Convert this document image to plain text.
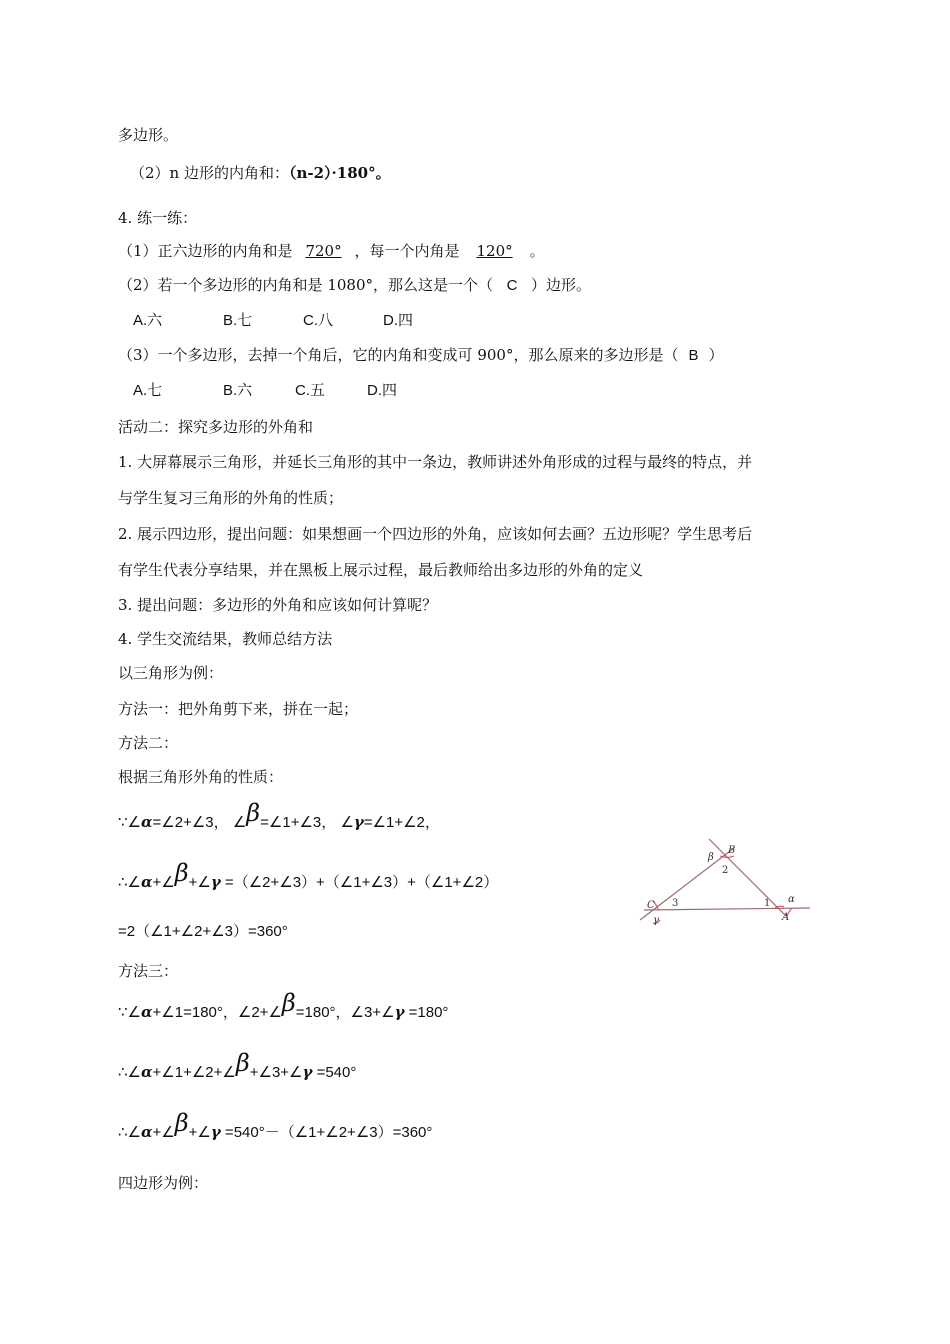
多边形。
（2）n 边形的内角和：（n-2）·180°。
4. 练一练：
（1）正六边形的内角和是 720° ，每一个内角是 120° 。
（2）若一个多边形的内角和是 1080°，那么这是一个（ C ）边形。
A.六	B.七	C.八	D.四
（3）一个多边形，去掉一个角后，它的内角和变成可 900°，那么原来的多边形是（ B ）
A.七	B.六	C.五	D.四
活动二：探究多边形的外角和
1. 大屏幕展示三角形，并延长三角形的其中一条边，教师讲述外角形成的过程与最终的特点，并
与学生复习三角形的外角的性质；
2. 展示四边形，提出问题：如果想画一个四边形的外角，应该如何去画？五边形呢？学生思考后
有学生代表分享结果，并在黑板上展示过程，最后教师给出多边形的外角的定义
3. 提出问题：多边形的外角和应该如何计算呢？
4. 学生交流结果，教师总结方法
以三角形为例：
方法一：把外角剪下来，拼在一起；
方法二：
根据三角形外角的性质：
∵∠α=∠2+∠3， ∠β=∠1+∠3， ∠γ=∠1+∠2，
∴∠α+∠β+∠γ =（∠2+∠3）+（∠1+∠3）+（∠1+∠2）
=2（∠1+∠2+∠3）=360°
方法三：
∵∠α+∠1=180°，∠2+∠β=180°，∠3+∠γ =180°
∴∠α+∠1+∠2+∠β+∠3+∠γ =540°
∴∠α+∠β+∠γ =540°－（∠1+∠2+∠3）=360°
四边形为例：
B
β
2
C 3
γ
1 α
A
